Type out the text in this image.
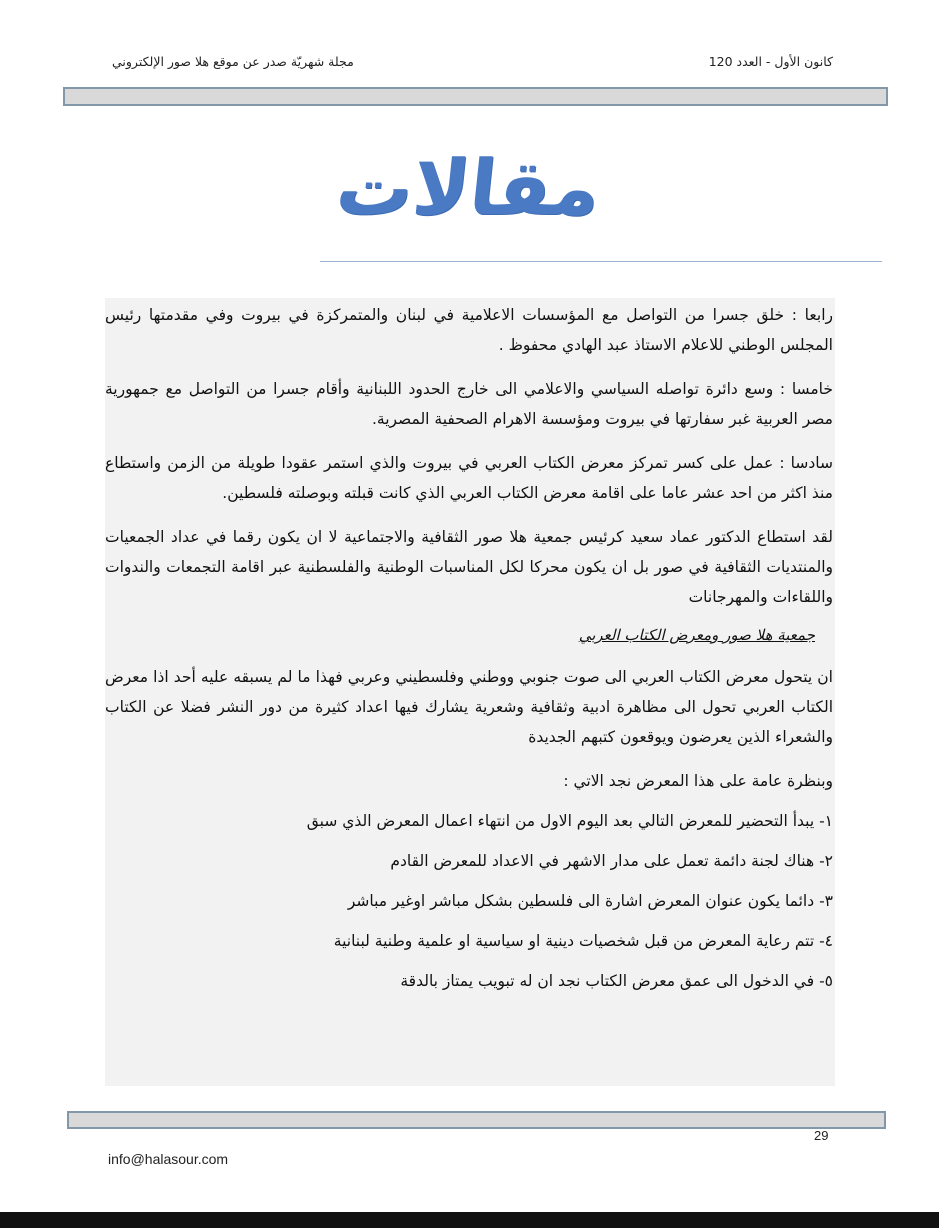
كانون الأول - العدد 120
مجلة شهريّة صدر عن موقع هلا صور الإلكتروني
مقالات

رابعا : خلق جسرا من التواصل مع المؤسسات الاعلامية في لبنان والمتمركزة في بيروت وفي مقدمتها رئيس المجلس الوطني للاعلام الاستاذ عبد الهادي محفوظ .

خامسا : وسع دائرة تواصله السياسي والاعلامي الى خارج الحدود اللبنانية وأقام جسرا من التواصل مع جمهورية مصر العربية غبر سفارتها في بيروت ومؤسسة الاهرام الصحفية المصرية.

سادسا : عمل على كسر تمركز معرض الكتاب العربي في بيروت والذي استمر عقودا طويلة من الزمن واستطاع منذ اكثر من احد عشر عاما على اقامة معرض الكتاب العربي الذي كانت قبلته وبوصلته فلسطين.

لقد استطاع الدكتور عماد سعيد كرئيس جمعية هلا صور الثقافية والاجتماعية لا ان يكون رقما في عداد الجمعيات والمنتديات الثقافية في صور بل ان يكون محركا لكل المناسبات الوطنية والفلسطنية عبر اقامة التجمعات والندوات واللقاءات والمهرجانات

جمعية هلا صور ومعرض الكتاب العربي

ان يتحول معرض الكتاب العربي الى صوت جنوبي ووطني وفلسطيني وعربي فهذا ما لم يسبقه عليه أحد اذا معرض الكتاب العربي تحول الى مظاهرة ادبية وثقافية وشعرية يشارك فيها اعداد كثيرة من دور النشر فضلا عن الكتاب والشعراء الذين يعرضون ويوقعون كتبهم الجديدة

وبنظرة عامة على هذا المعرض نجد الاتي :

١- يبدأ التحضير للمعرض التالي بعد اليوم الاول من انتهاء اعمال المعرض الذي سبق

٢- هناك لجنة دائمة تعمل على مدار الاشهر في الاعداد للمعرض القادم

٣- دائما يكون عنوان المعرض اشارة الى فلسطين بشكل مباشر اوغير مباشر

٤- تتم رعاية المعرض من قبل شخصيات دينية او سياسية او علمية وطنية لبنانية

٥- في الدخول الى عمق معرض الكتاب نجد ان له تبويب يمتاز بالدقة

29
info@halasour.com
